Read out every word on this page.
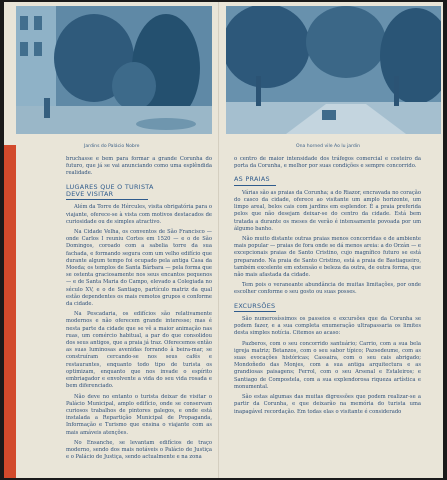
Jardins do Palácio Nobre	Ona horned vile Ao lu jardin

bruchasse e bem para formar a grande Corunha do futuro, que já se vai anunciando como uma esplêndida realidade.

LUGARES QUE O TURISTA
DEVE VISITAR

Além da Torre de Hércules, visita obrigatória para o viajante, oferece-se à vista com motivos destacados de curiosidade ou de simples atractivo.

Na Cidade Velha, os conventos de São Francisco — onde Carlos I reuniu Cortes em 1520 — e o de São Domingos, coroado com a sabelia torre da sua fachada, e formando segura com um velho edifício que durante algum tempo foi ocupado pela antiga Casa da Moeda; os templos de Santa Bárbara — pela forma que se ostenta graciosamente nos seus encantos pequenos — e de Santa Maria do Campo, elevado a Colegiada no século XV, e o de Santiago, partículo matriz da qual estão dependentes os mais remotos grupos e conforme da cidade.

Na Pescadaria, os edifícios são relativamente modernos e não oferecem grande interesse; mas é nesta parte da cidade que se vê a maior animação nas ruas, um comércio habitual, a par do que consolidou dos seus antigos, que a praia já traz. Oferecemos então as suas luminosas avenidas forrando à beira-mar, se construíram cercando-se nos seus cafés e restaurantes, enquanto todo tipo de turista os optimizam, enquanto que nos invade o espírito embriagador e envolvente a vida do seu vida rosada e bem diferenciado.

Não deve no entanto o turista deixar de visitar o Palácio Municipal, amplo edifício, onde se conservam curiosos trabalhos de pintores galegos, e onde está instalada a Repartição Municipal de Propaganda, Informação e Turismo que ensina o viajante com as mais amáveis atenções.

No Ensanche, se levantam edifícios de traço moderno, sendo dos mais notáveis o Palácio de Justiça e o Palácio de Justiça, sendo actualmente e na zona

o centro de maior intensidade dos tráfegos comercial e costeiro da porta da Corunha, e melhor por suas condições e sempre concorrido.

AS PRAIAS

Várias são as praias da Corunha; a do Riazor, encravada no coração do casco da cidade, oferece ao visitante um amplo horizonte, um limpo areal, belos cais com jardins em esplendor. É a praia preferida pelos que não desejam deixar-se do centro da cidade. Está bem tratada a durante os meses de verão é intensamente povoada por um álgumo banho.

Não muito distante outras praias menos concorridas e de ambiente mais popular — praias de fora onde se dá menos areia: a do Orzán — e excepcionais praias de Santo Cristino, cujo magnífico futuro se está preparando. Na praia de Santo Cristino, está a praia de Bastiagueiro, também excelente em extensão e beleza da outra, de outra forma, que não mais afastada da cidade.

Tem pois o veraneante abundância de muitas limitações, por onde escolher conforme o seu gosto ou suas posses.

EXCURSÕES

São numerosíssimos os passeios e excursões que da Corunha se podem fazer, e a sua completa enumeração ultrapassaria os limites desta simples notícia. Citemos ao acaso:

Pazberos, com o seu concorrido santuário; Carrio, com a sua bela igreja matriz; Betanzos, com o seu sabor típico; Pazsedeume, com as suas evocações históricas; Cassaira, com o seu cais abrigado; Mondoñedo das Monjes, com a sua antiga arquitectura e as grandiosas paisagens; Ferrol, com o seu Arsenal e Estaleiros; e Santiago de Compostela, com a sua explendorosa riqueza artística e monumental.

São estas algumas das muitas digressões que podem realizar-se a partir da Corunha, e que deixarão na memória do turista uma inapagável recordação. Em todas elas o visitante é considerado
